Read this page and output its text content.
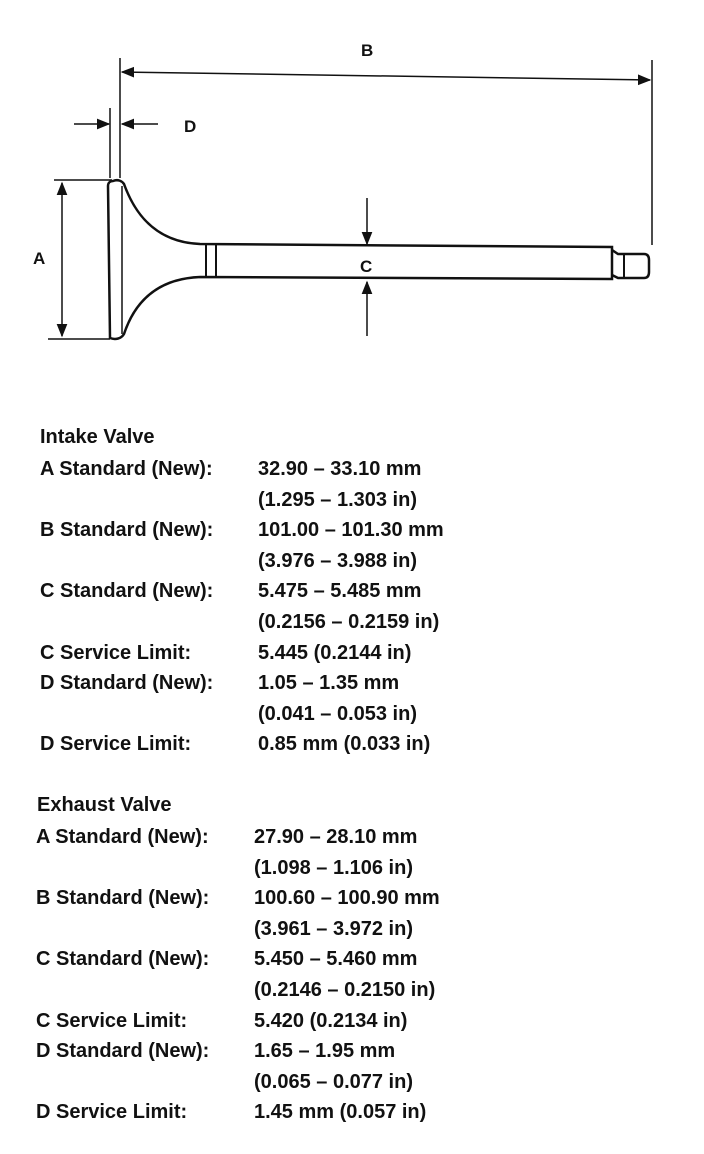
B
D
A	C
Intake Valve
A Standard (New): 32.90 – 33.10 mm
(1.295 – 1.303 in)
B Standard (New): 101.00 – 101.30 mm
(3.976 – 3.988 in)
C Standard (New): 5.475 – 5.485 mm
(0.2156 – 0.2159 in)
C Service Limit:	5.445 (0.2144 in)
D Standard (New): 1.05 – 1.35 mm
(0.041 – 0.053 in)
D Service Limit:	0.85 mm (0.033 in)
Exhaust Valve
A Standard (New): 27.90 – 28.10 mm
(1.098 – 1.106 in)
B Standard (New): 100.60 – 100.90 mm
(3.961 – 3.972 in)
C Standard (New): 5.450 – 5.460 mm
(0.2146 – 0.2150 in)
C Service Limit:	5.420 (0.2134 in)
D Standard (New): 1.65 – 1.95 mm
(0.065 – 0.077 in)
D Service Limit:	1.45 mm (0.057 in)
